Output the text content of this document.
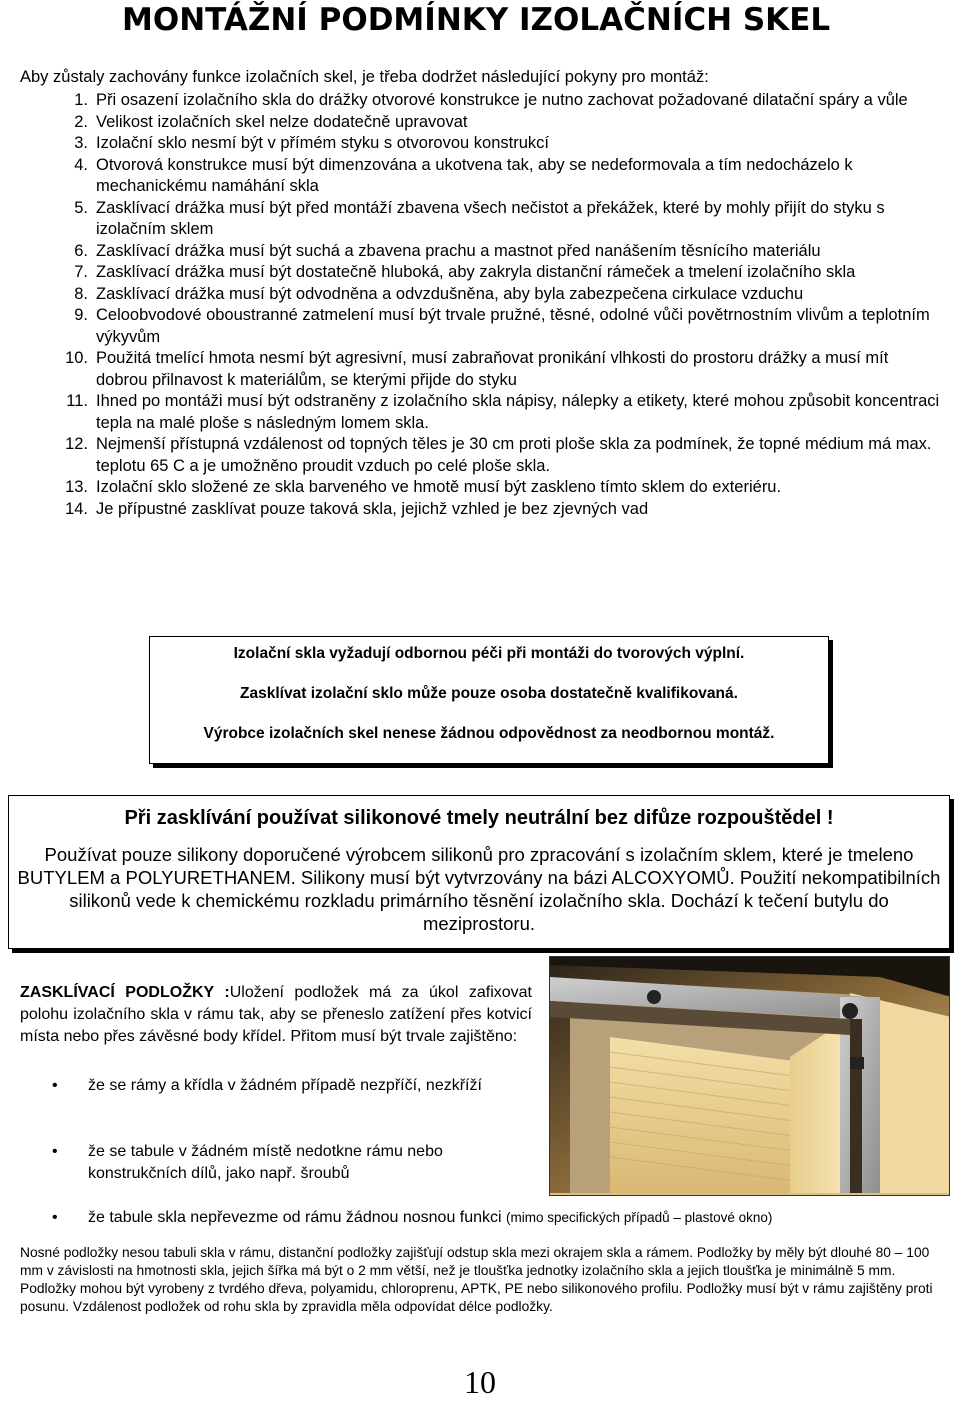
MONTÁŽNÍ PODMÍNKY IZOLAČNÍCH SKEL
Aby zůstaly zachovány funkce izolačních skel, je třeba dodržet následující pokyny pro montáž:
1. Při osazení izolačního skla do drážky otvorové konstrukce je nutno zachovat požadované dilatační spáry a vůle
2. Velikost izolačních skel nelze dodatečně upravovat
3. Izolační sklo nesmí být v přímém styku s otvorovou konstrukcí
4. Otvorová konstrukce musí být dimenzována a ukotvena tak, aby se nedeformovala a tím nedocházelo k mechanickému namáhání skla
5. Zasklívací drážka musí být před montáží zbavena všech nečistot a překážek, které by mohly přijít do styku s izolačním sklem
6. Zasklívací drážka musí být suchá a zbavena prachu a mastnot před nanášením těsnícího materiálu
7. Zasklívací drážka musí být dostatečně hluboká, aby zakryla distanční rámeček a tmelení izolačního skla
8. Zasklívací drážka musí být odvodněna a odvzdušněna, aby byla zabezpečena cirkulace vzduchu
9. Celoobvodové oboustranné zatmelení musí být trvale pružné, těsné, odolné vůči povětrnostním vlivům a teplotním výkyvům
10. Použitá tmelící hmota nesmí být agresivní, musí zabraňovat pronikání vlhkosti do prostoru drážky a musí mít dobrou přilnavost k materiálům, se kterými přijde do styku
11. Ihned po montáži musí být odstraněny z izolačního skla nápisy, nálepky a etikety, které mohou způsobit koncentraci tepla na malé ploše s následným lomem skla.
12. Nejmenší přístupná vzdálenost od topných těles je 30 cm proti ploše skla za podmínek, že topné médium má max. teplotu 65 C a je umožněno proudit vzduch po celé ploše skla.
13. Izolační sklo složené ze skla barveného ve hmotě musí být zaskleno tímto sklem do exteriéru.
14. Je přípustné zasklívat pouze taková skla, jejichž vzhled je bez zjevných vad

Izolační skla vyžadují odbornou péči při montáži do tvorových výplní.

Zasklívat izolační sklo může pouze osoba dostatečně kvalifikovaná.

Výrobce izolačních skel nenese žádnou odpovědnost za neodbornou montáž.

Při zasklívání používat silikonové tmely neutrální bez difůze rozpouštědel !
Používat pouze silikony doporučené výrobcem silikonů pro zpracování s izolačním sklem, které je tmeleno BUTYLEM a POLYURETHANEM. Silikony musí být vytvrzovány na bázi ALCOXYOMŮ. Použití nekompatibilních silikonů vede k chemickému rozkladu primárního těsnění izolačního skla. Dochází k tečení butylu do meziprostoru.
ZASKLÍVACÍ PODLOŽKY :Uložení podložek má za úkol zafixovat polohu izolačního skla v rámu tak, aby se přeneslo zatížení přes kotvicí místa nebo přes závěsné body křídel. Přitom musí být trvale zajištěno:
• že se rámy a křídla v žádném případě nezpříčí, nezkříží
• že se tabule v žádném místě nedotkne rámu nebo konstrukčních dílů, jako např. šroubů
• že tabule skla nepřevezme od rámu žádnou nosnou funkci (mimo specifických případů – plastové okno)
Nosné podložky nesou tabuli skla v rámu, distanční podložky zajišťují odstup skla mezi okrajem skla a rámem. Podložky by měly být dlouhé 80 – 100 mm v závislosti na hmotnosti skla, jejich šířka má být o 2 mm větší, než je tloušťka jednotky izolačního skla a jejich tloušťka je minimálně 5 mm. Podložky mohou být vyrobeny z tvrdého dřeva, polyamidu, chloroprenu, APTK, PE nebo silikonového profilu. Podložky musí být v rámu zajištěny proti posunu. Vzdálenost podložek od rohu skla by zpravidla měla odpovídat délce podložky.
10
